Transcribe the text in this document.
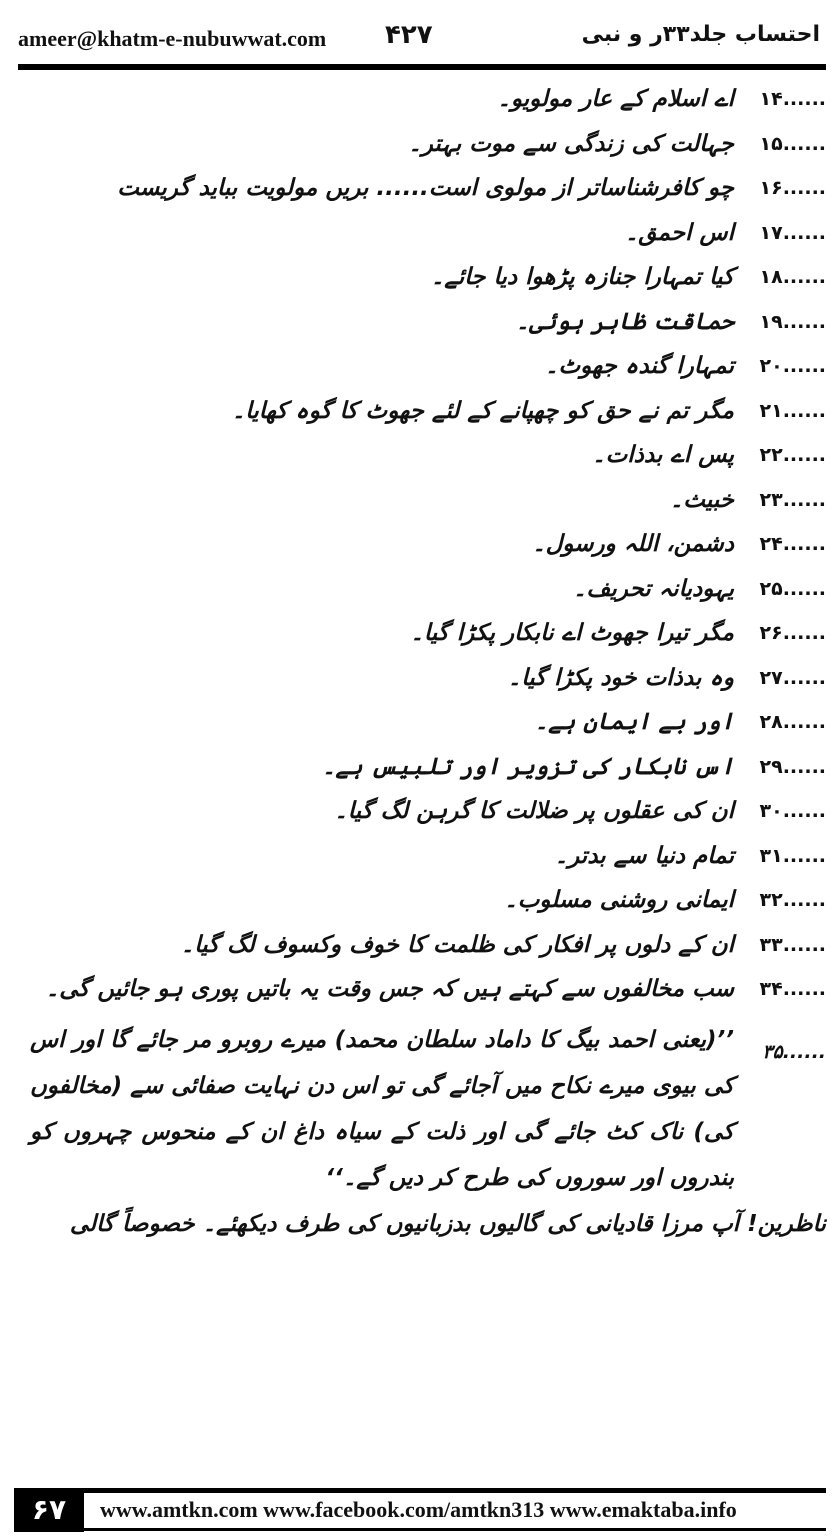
ameer@khatm-e-nubuwwat.com ۴۲۷	احتساب جلد۳۳ر و نبی
۱۴......
اے اسلام کے عار مولویو۔
۱۵......
جہالت کی زندگی سے موت بہتر۔
۱۶......
چو کافرشناساتر از مولوی است...... بریں مولویت بباید گریست
۱۷......
اس احمق۔
۱۸......
کیا تمہارا جنازہ پڑھوا دیا جائے۔
۱۹......
حماقت ظاہر ہوئی۔
۲۰......
تمہارا گندہ جھوٹ۔
۲۱......
مگر تم نے حق کو چھپانے کے لئے جھوٹ کا گوہ کھایا۔
۲۲......
پس اے بدذات۔
۲۳......
خبیث۔
۲۴......
دشمن، اللہ ورسول۔
۲۵......
یہودیانہ تحریف۔
۲۶......
مگر تیرا جھوٹ اے نابکار پکڑا گیا۔
۲۷......
وہ بدذات خود پکڑا گیا۔
۲۸......
اور بے ایمان ہے۔
۲۹......
اس نابکار کی تزویر اور تلبیس ہے۔
۳۰......
ان کی عقلوں پر ضلالت کا گرہن لگ گیا۔
۳۱......
تمام دنیا سے بدتر۔
۳۲......
ایمانی روشنی مسلوب۔
۳۳......
ان کے دلوں پر افکار کی ظلمت کا خوف وکسوف لگ گیا۔
۳۴......
سب مخالفوں سے کہتے ہیں کہ جس وقت یہ باتیں پوری ہو جائیں گی۔
۳۵......
’’(یعنی احمد بیگ کا داماد سلطان محمد) میرے روبرو مر جائے گا اور اس کی بیوی میرے نکاح میں آجائے گی تو اس دن نہایت صفائی سے (مخالفوں کی) ناک کٹ جائے گی اور ذلت کے سیاہ داغ ان کے منحوس چہروں کو بندروں اور سوروں کی طرح کر دیں گے۔‘‘
ناظرین! آپ مرزا قادیانی کی گالیوں بدزبانیوں کی طرف دیکھئے۔ خصوصاً گالی
۶۷	www.amtkn.com www.facebook.com/amtkn313 www.emaktaba.info
